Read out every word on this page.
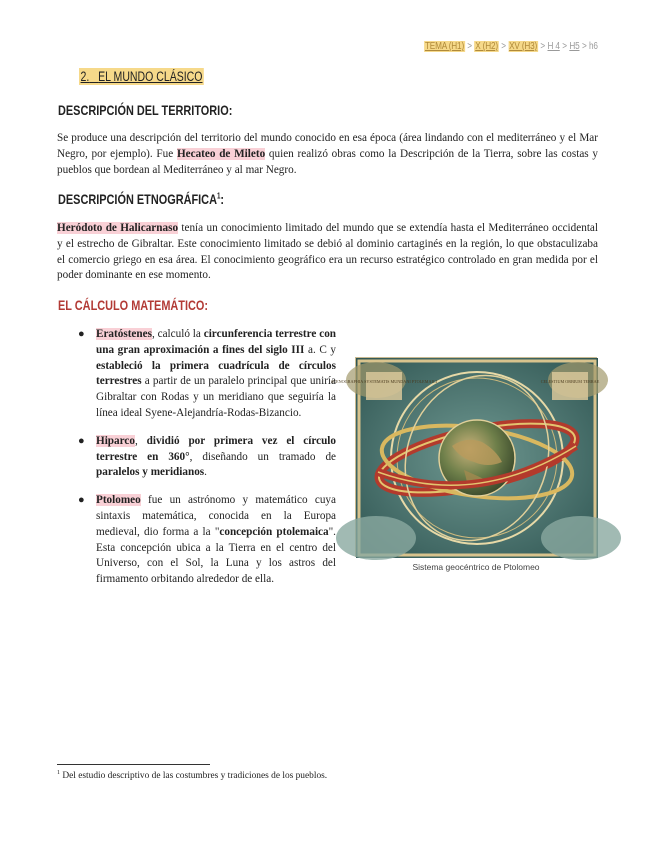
TEMA (H1) > X (H2) > XV (H3) > H 4 > H5 > h6
2. EL MUNDO CLÁSICO
DESCRIPCIÓN DEL TERRITORIO:
Se produce una descripción del territorio del mundo conocido en esa época (área lindando con el mediterráneo y el Mar Negro, por ejemplo). Fue Hecateo de Mileto quien realizó obras como la Descripción de la Tierra, sobre las costas y pueblos que bordean al Mediterráneo y al mar Negro.
DESCRIPCIÓN ETNOGRÁFICA$^1$:
Heródoto de Halicarnaso tenía un conocimiento limitado del mundo que se extendía hasta el Mediterráneo occidental y el estrecho de Gibraltar. Este conocimiento limitado se debió al dominio cartaginés en la región, lo que obstaculizaba el comercio griego en esa área. El conocimiento geográfico era un recurso estratégico controlado en gran medida por el poder dominante en ese momento.
EL CÁLCULO MATEMÁTICO:
● Eratóstenes, calculó la circunferencia terrestre con una gran aproximación a fines del siglo III a. C y estableció la primera cuadrícula de círculos terrestres a partir de un paralelo principal que uniría Gibraltar con Rodas y un meridiano que seguiría la línea ideal Syene-Alejandría-Rodas-Bizancio.
● Hiparco, dividió por primera vez el círculo terrestre en 360°, diseñando un tramado de paralelos y meridianos.
● Ptolomeo fue un astrónomo y matemático cuya sintaxis matemática, conocida en la Europa medieval, dio forma a la "concepción ptolemaica". Esta concepción ubica a la Tierra en el centro del Universo, con el Sol, la Luna y los astros del firmamento orbitando alrededor de ella.
SCENOGRAPHIA SYSTEMATIS MUNDANI PTOLEMAICI	CELESTIUM ORBIUM TERRAE
Sistema geocéntrico de Ptolomeo
$^1$ Del estudio descriptivo de las costumbres y tradiciones de los pueblos.
